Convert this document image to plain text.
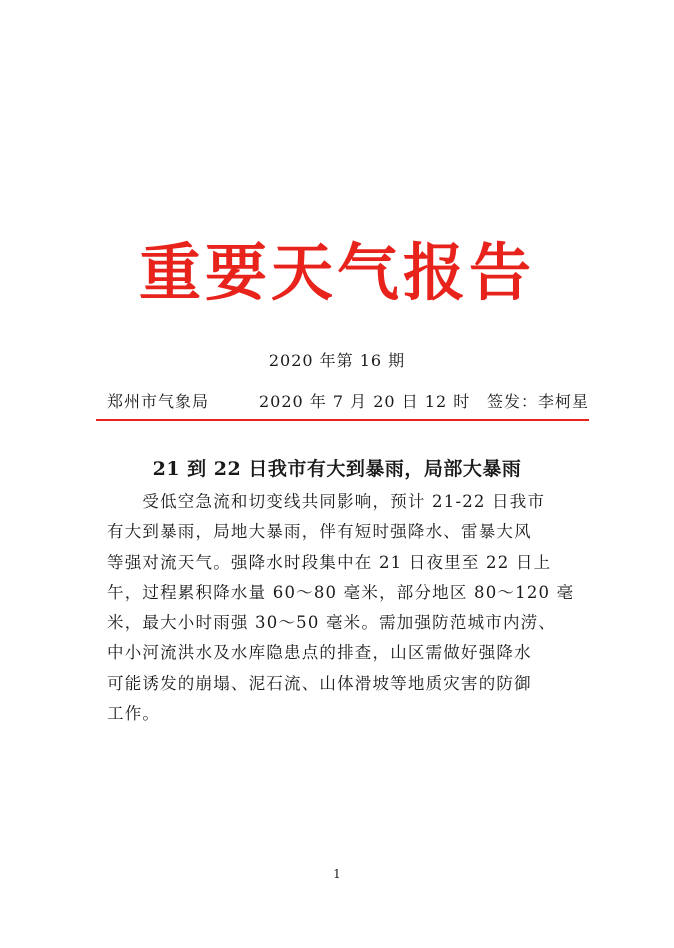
重要天气报告
2020 年第 16 期
郑州市气象局	2020 年 7 月 20 日 12 时 签发：李柯星
21 到 22 日我市有大到暴雨，局部大暴雨
　　受低空急流和切变线共同影响，预计 21-22 日我市
有大到暴雨，局地大暴雨，伴有短时强降水、雷暴大风
等强对流天气。强降水时段集中在 21 日夜里至 22 日上
午，过程累积降水量 60～80 毫米，部分地区 80～120 毫
米，最大小时雨强 30～50 毫米。需加强防范城市内涝、
中小河流洪水及水库隐患点的排查，山区需做好强降水
可能诱发的崩塌、泥石流、山体滑坡等地质灾害的防御
工作。
1
